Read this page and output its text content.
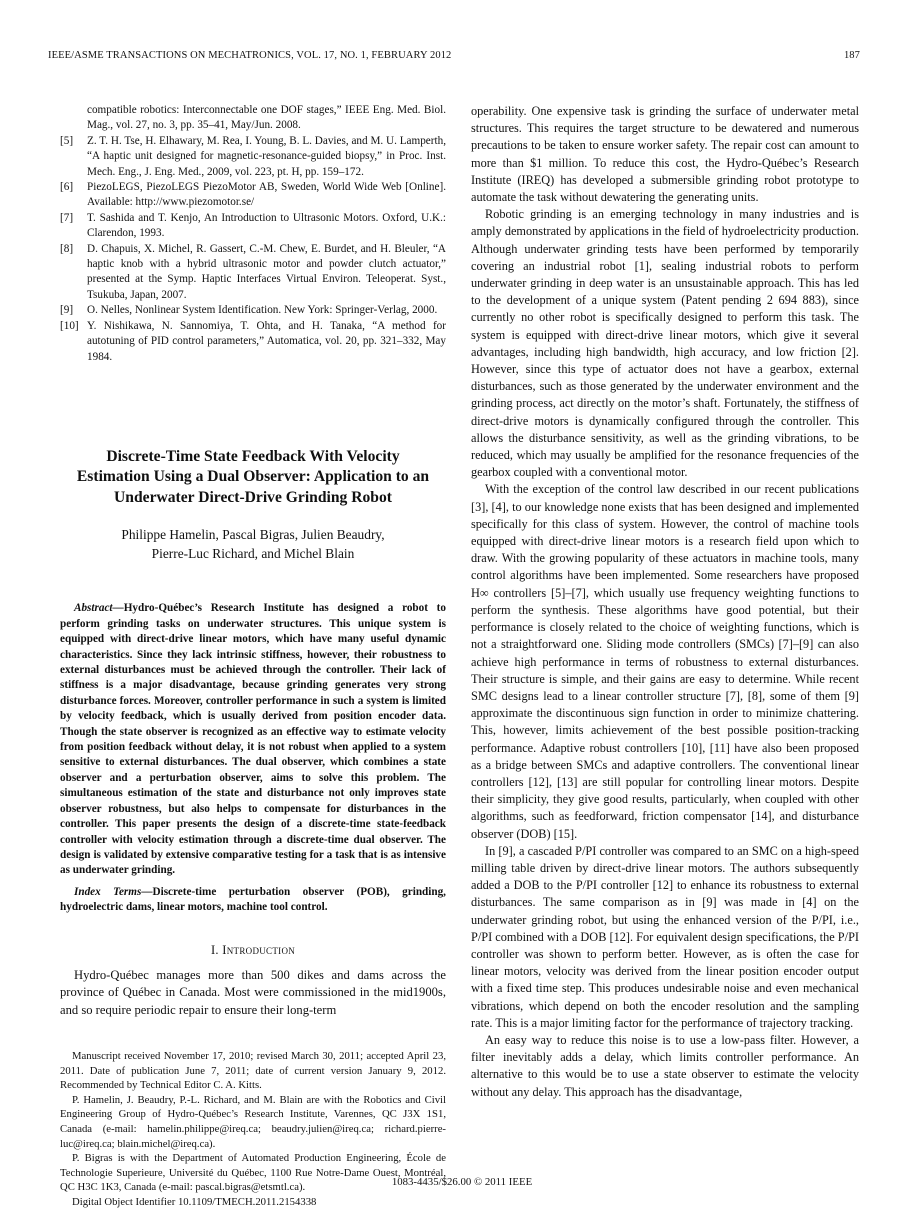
IEEE/ASME TRANSACTIONS ON MECHATRONICS, VOL. 17, NO. 1, FEBRUARY 2012	187
compatible robotics: Interconnectable one DOF stages,” IEEE Eng. Med. Biol. Mag., vol. 27, no. 3, pp. 35–41, May/Jun. 2008.
[5]	Z. T. H. Tse, H. Elhawary, M. Rea, I. Young, B. L. Davies, and M. U. Lamperth, “A haptic unit designed for magnetic-resonance-guided biopsy,” in Proc. Inst. Mech. Eng., J. Eng. Med., 2009, vol. 223, pt. H, pp. 159–172.
[6]	PiezoLEGS, PiezoLEGS PiezoMotor AB, Sweden, World Wide Web [Online]. Available: http://www.piezomotor.se/
[7]	T. Sashida and T. Kenjo, An Introduction to Ultrasonic Motors. Oxford, U.K.: Clarendon, 1993.
[8]	D. Chapuis, X. Michel, R. Gassert, C.-M. Chew, E. Burdet, and H. Bleuler, “A haptic knob with a hybrid ultrasonic motor and powder clutch actuator,” presented at the Symp. Haptic Interfaces Virtual Environ. Teleoperat. Syst., Tsukuba, Japan, 2007.
[9]	O. Nelles, Nonlinear System Identification. New York: Springer-Verlag, 2000.
[10] Y. Nishikawa, N. Sannomiya, T. Ohta, and H. Tanaka, “A method for autotuning of PID control parameters,” Automatica, vol. 20, pp. 321–332, May 1984.
Discrete-Time State Feedback With Velocity Estimation Using a Dual Observer: Application to an Underwater Direct-Drive Grinding Robot
Philippe Hamelin, Pascal Bigras, Julien Beaudry,
Pierre-Luc Richard, and Michel Blain
Abstract—Hydro-Québec’s Research Institute has designed a robot to perform grinding tasks on underwater structures. This unique system is equipped with direct-drive linear motors, which have many useful dynamic characteristics. Since they lack intrinsic stiffness, however, their robustness to external disturbances must be achieved through the controller. Their lack of stiffness is a major disadvantage, because grinding generates very strong disturbance forces. Moreover, controller performance in such a system is limited by velocity feedback, which is usually derived from position encoder data. Though the state observer is recognized as an effective way to estimate velocity from position feedback without delay, it is not robust when applied to a system sensitive to external disturbances. The dual observer, which combines a state observer and a perturbation observer, aims to solve this problem. The simultaneous estimation of the state and disturbance not only improves state observer robustness, but also helps to compensate for disturbances in the controller. This paper presents the design of a discrete-time state-feedback controller with velocity estimation through a discrete-time dual observer. The design is validated by extensive comparative testing for a task that is as intensive as underwater grinding.
Index Terms—Discrete-time perturbation observer (POB), grinding, hydroelectric dams, linear motors, machine tool control.
I. Introduction

Hydro-Québec manages more than 500 dikes and dams across the province of Québec in Canada. Most were commissioned in the mid1900s, and so require periodic repair to ensure their long-term

Manuscript received November 17, 2010; revised March 30, 2011; accepted April 23, 2011. Date of publication June 7, 2011; date of current version January 9, 2012. Recommended by Technical Editor C. A. Kitts.

P. Hamelin, J. Beaudry, P.-L. Richard, and M. Blain are with the Robotics and Civil Engineering Group of Hydro-Québec’s Research Institute, Varennes, QC J3X 1S1, Canada (e-mail: hamelin.philippe@ireq.ca; beaudry.julien@ireq.ca; richard.pierre-luc@ireq.ca; blain.michel@ireq.ca).

P. Bigras is with the Department of Automated Production Engineering, École de Technologie Superieure, Université du Québec, 1100 Rue Notre-Dame Ouest, Montréal, QC H3C 1K3, Canada (e-mail: pascal.bigras@etsmtl.ca).

Digital Object Identifier 10.1109/TMECH.2011.2154338

operability. One expensive task is grinding the surface of underwater metal structures. This requires the target structure to be dewatered and numerous precautions to be taken to ensure worker safety. The repair cost can amount to more than $1 million. To reduce this cost, the Hydro-Québec’s Research Institute (IREQ) has developed a submersible grinding robot prototype to automate the task without dewatering the generating units.

Robotic grinding is an emerging technology in many industries and is amply demonstrated by applications in the field of hydroelectricity production. Although underwater grinding tests have been performed by temporarily covering an industrial robot [1], sealing industrial robots to perform underwater grinding in deep water is an unsustainable approach. This has led to the development of a unique system (Patent pending 2 694 883), since currently no other robot is specifically designed to perform this task. The system is equipped with direct-drive linear motors, which give it several advantages, including high bandwidth, high accuracy, and low friction [2]. However, since this type of actuator does not have a gearbox, external disturbances, such as those generated by the underwater environment and the grinding process, act directly on the motor’s shaft. Fortunately, the stiffness of direct-drive motors is dynamically configured through the controller. This allows the disturbance sensitivity, as well as the grinding vibrations, to be reduced, which may usually be amplified for the resonance frequencies of the gearbox coupled with a conventional motor.

With the exception of the control law described in our recent publications [3], [4], to our knowledge none exists that has been designed and implemented specifically for this class of system. However, the control of machine tools equipped with direct-drive linear motors is a research field upon which to draw. With the growing popularity of these actuators in machine tools, many control algorithms have been implemented. Some researchers have proposed H∞ controllers [5]–[7], which usually use frequency weighting functions to perform the synthesis. These algorithms have good potential, but their performance is closely related to the choice of weighting functions, which is not a straightforward one. Sliding mode controllers (SMCs) [7]–[9] can also achieve high performance in terms of robustness to external disturbances. Their structure is simple, and their gains are easy to determine. While recent SMC designs lead to a linear controller structure [7], [8], some of them [9] approximate the discontinuous sign function in order to minimize chattering. This, however, limits achievement of the best possible position-tracking performance. Adaptive robust controllers [10], [11] have also been proposed as a bridge between SMCs and adaptive controllers. The conventional linear controllers [12], [13] are still popular for controlling linear motors. Despite their simplicity, they give good results, particularly, when coupled with other algorithms, such as feedforward, friction compensator [14], and disturbance observer (DOB) [15].

In [9], a cascaded P/PI controller was compared to an SMC on a high-speed milling table driven by direct-drive linear motors. The authors subsequently added a DOB to the P/PI controller [12] to enhance its robustness to external disturbances. The same comparison as in [9] was made in [4] on the underwater grinding robot, but using the enhanced version of the P/PI, i.e., P/PI combined with a DOB [12]. For equivalent design specifications, the P/PI controller was shown to perform better. However, as is often the case for linear motors, velocity was derived from the linear position encoder output with a fixed time step. This produces undesirable noise and even mechanical vibrations, which depend on both the encoder resolution and the sampling rate. This is a major limiting factor for the performance of trajectory tracking.

An easy way to reduce this noise is to use a low-pass filter. However, a filter inevitably adds a delay, which limits controller performance. An alternative to this would be to use a state observer to estimate the velocity without any delay. This approach has the disadvantage,

1083-4435/$26.00 © 2011 IEEE
